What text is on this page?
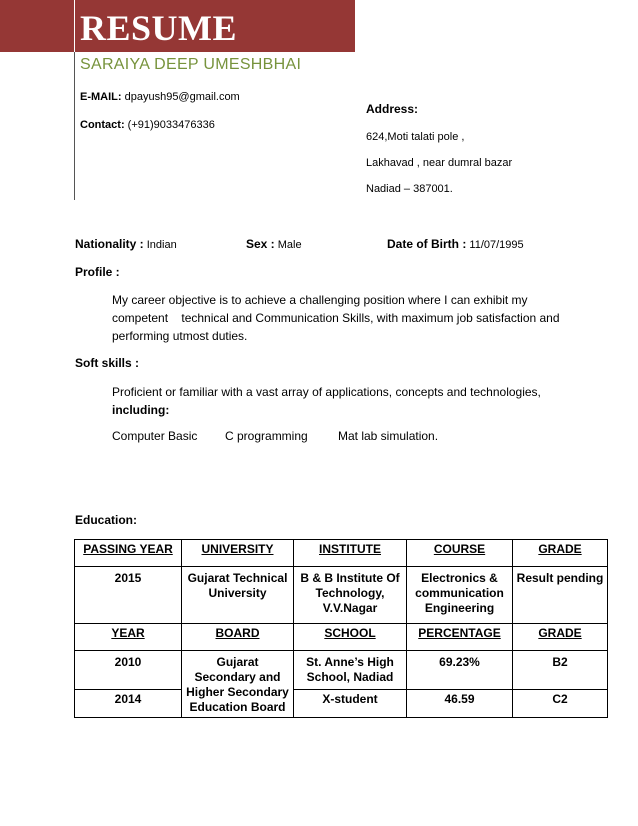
RESUME
SARAIYA DEEP UMESHBHAI
E-MAIL: dpayush95@gmail.com
Contact: (+91)9033476336
Address:
624,Moti talati pole ,
Lakhavad , near dumral bazar
Nadiad – 387001.
Nationality : Indian	Sex : Male	Date of Birth : 11/07/1995
Profile :
My career objective is to achieve a challenging position where I can exhibit my
competent    technical and Communication Skills, with maximum job satisfaction and
performing utmost duties.
Soft skills :
Proficient or familiar with a vast array of applications, concepts and technologies,
including:
Computer Basic C programming	Mat lab simulation.
Education:
PASSING YEAR	UNIVERSITY	INSTITUTE	COURSE	GRADE
2015	Gujarat Technical University	B & B Institute Of Technology, V.V.Nagar	Electronics & communication Engineering	Result pending
YEAR	BOARD	SCHOOL	PERCENTAGE	GRADE
2010	Gujarat Secondary and Higher Secondary Education Board	St. Anne’s High School, Nadiad	69.23%	B2
2014		X-student	46.59	C2
